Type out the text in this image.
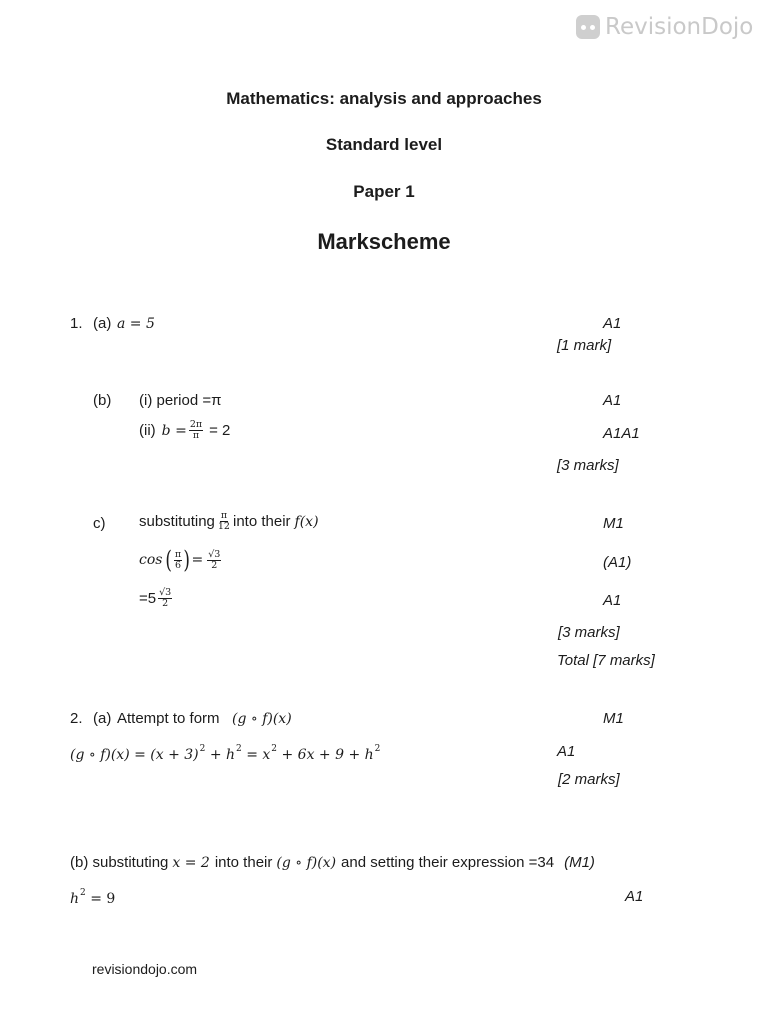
RevisionDojo
Mathematics: analysis and approaches
Standard level
Paper 1
Markscheme
1. (a) a = 5	A1
[1 mark]
(b) (i) period =π	A1
(ii) $b = \frac{2\pi}{\pi} = 2$	A1A1
[3 marks]
c) substituting $\frac{\pi}{12}$ into their f(x)	M1
cos ( $\frac{\pi}{6}$ ) = $\frac{√3}{2}$	(A1)
$=5 \frac{√3}{2}$	A1
[3 marks]
Total [7 marks]
2. (a) Attempt to form (g ∘ f)(x)	M1
(g ∘ $f)(x) = (x + 3)^2 + h^2 = x^2 + 6x + 9 + h^2$	A1
[2 marks]
(b) substituting x = 2 into their (g ∘ f)(x) and setting their expression =34 (M1)
$h^2 = 9$	A1
revisiondojo.com
